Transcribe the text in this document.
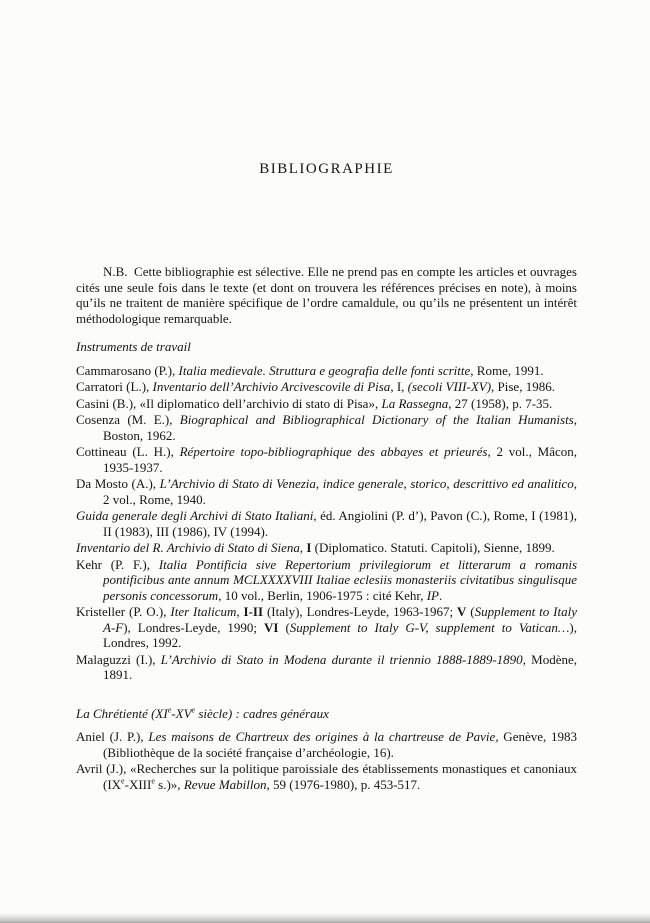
BIBLIOGRAPHIE

N.B. Cette bibliographie est sélective. Elle ne prend pas en compte les articles et ouvrages cités une seule fois dans le texte (et dont on trouvera les références précises en note), à moins qu’ils ne traitent de manière spécifique de l’ordre camaldule, ou qu’ils ne présentent un intérêt méthodologique remarquable.

Instruments de travail

Cammarosano (P.), Italia medievale. Struttura e geografia delle fonti scritte, Rome, 1991.

Carratori (L.), Inventario dell’Archivio Arcivescovile di Pisa, I, (secoli VIII-XV), Pise, 1986.

Casini (B.), «Il diplomatico dell’archivio di stato di Pisa», La Rassegna, 27 (1958), p. 7-35.

Cosenza (M. E.), Biographical and Bibliographical Dictionary of the Italian Humanists, Boston, 1962.

Cottineau (L. H.), Répertoire topo-bibliographique des abbayes et prieurés, 2 vol., Mâcon, 1935-1937.

Da Mosto (A.), L’Archivio di Stato di Venezia, indice generale, storico, descrittivo ed analitico, 2 vol., Rome, 1940.

Guida generale degli Archivi di Stato Italiani, éd. Angiolini (P. d’), Pavon (C.), Rome, I (1981), II (1983), III (1986), IV (1994).

Inventario del R. Archivio di Stato di Siena, I (Diplomatico. Statuti. Capitoli), Sienne, 1899.

Kehr (P. F.), Italia Pontificia sive Repertorium privilegiorum et litterarum a romanis pontificibus ante annum MCLXXXXVIII Italiae eclesiis monasteriis civitatibus singulisque personis concessorum, 10 vol., Berlin, 1906-1975 : cité Kehr, IP.

Kristeller (P. O.), Iter Italicum, I-II (Italy), Londres-Leyde, 1963-1967; V (Supplement to Italy A-F), Londres-Leyde, 1990; VI (Supplement to Italy G-V, supplement to Vatican…), Londres, 1992.

Malaguzzi (I.), L’Archivio di Stato in Modena durante il triennio 1888-1889-1890, Modène, 1891.

La Chrétienté (XIe-XVe siècle) : cadres généraux

Aniel (J. P.), Les maisons de Chartreux des origines à la chartreuse de Pavie, Genève, 1983 (Bibliothèque de la société française d’archéologie, 16).

Avril (J.), «Recherches sur la politique paroissiale des établissements monastiques et canoniaux (IXe-XIIIe s.)», Revue Mabillon, 59 (1976-1980), p. 453-517.
